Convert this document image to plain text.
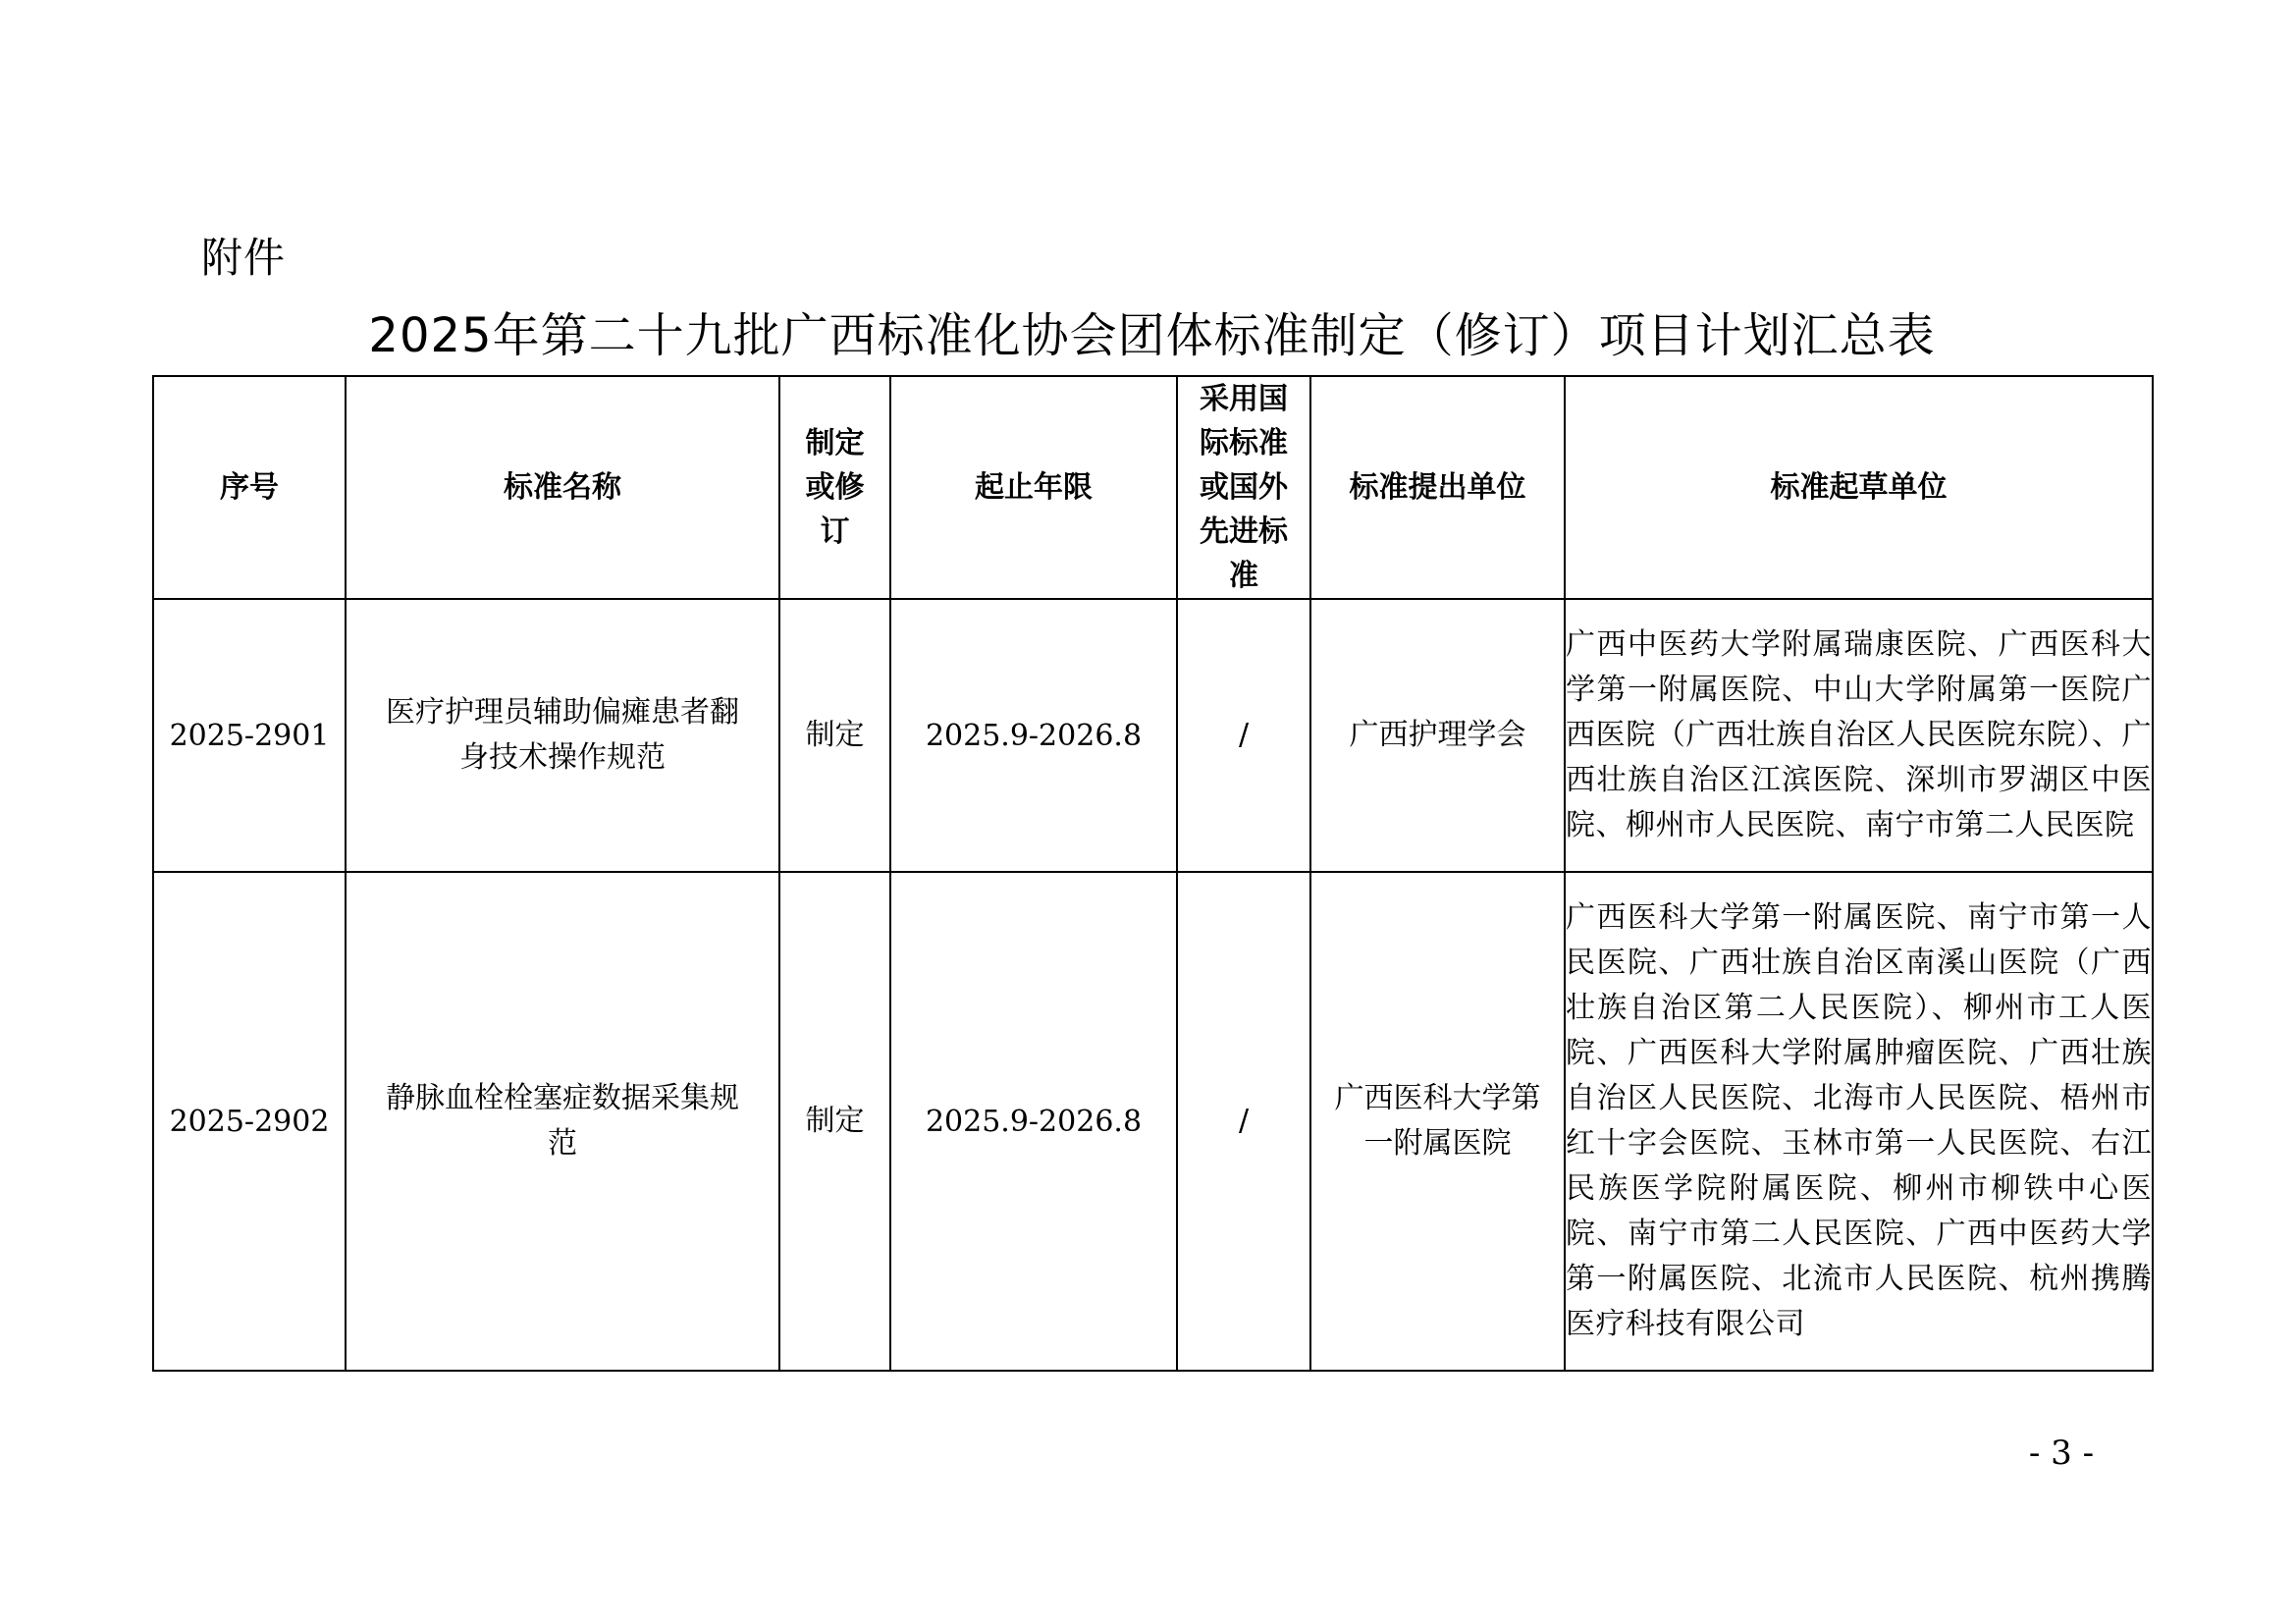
附件
2025年第二十九批广西标准化协会团体标准制定（修订）项目计划汇总表
序号	标准名称	制定或修订	起止年限	采用国际标准或国外先进标准	标准提出单位	标准起草单位
2025-2901	医疗护理员辅助偏瘫患者翻身技术操作规范	制定	2025.9-2026.8	/	广西护理学会	广西中医药大学附属瑞康医院、广西医科大学第一附属医院、中山大学附属第一医院广西医院（广西壮族自治区人民医院东院）、广西壮族自治区江滨医院、深圳市罗湖区中医院、柳州市人民医院、南宁市第二人民医院
2025-2902	静脉血栓栓塞症数据采集规范	制定	2025.9-2026.8	/	广西医科大学第一附属医院	广西医科大学第一附属医院、南宁市第一人民医院、广西壮族自治区南溪山医院（广西壮族自治区第二人民医院）、柳州市工人医院、广西医科大学附属肿瘤医院、广西壮族自治区人民医院、北海市人民医院、梧州市红十字会医院、玉林市第一人民医院、右江民族医学院附属医院、柳州市柳铁中心医院、南宁市第二人民医院、广西中医药大学第一附属医院、北流市人民医院、杭州携腾医疗科技有限公司
- 3 -
